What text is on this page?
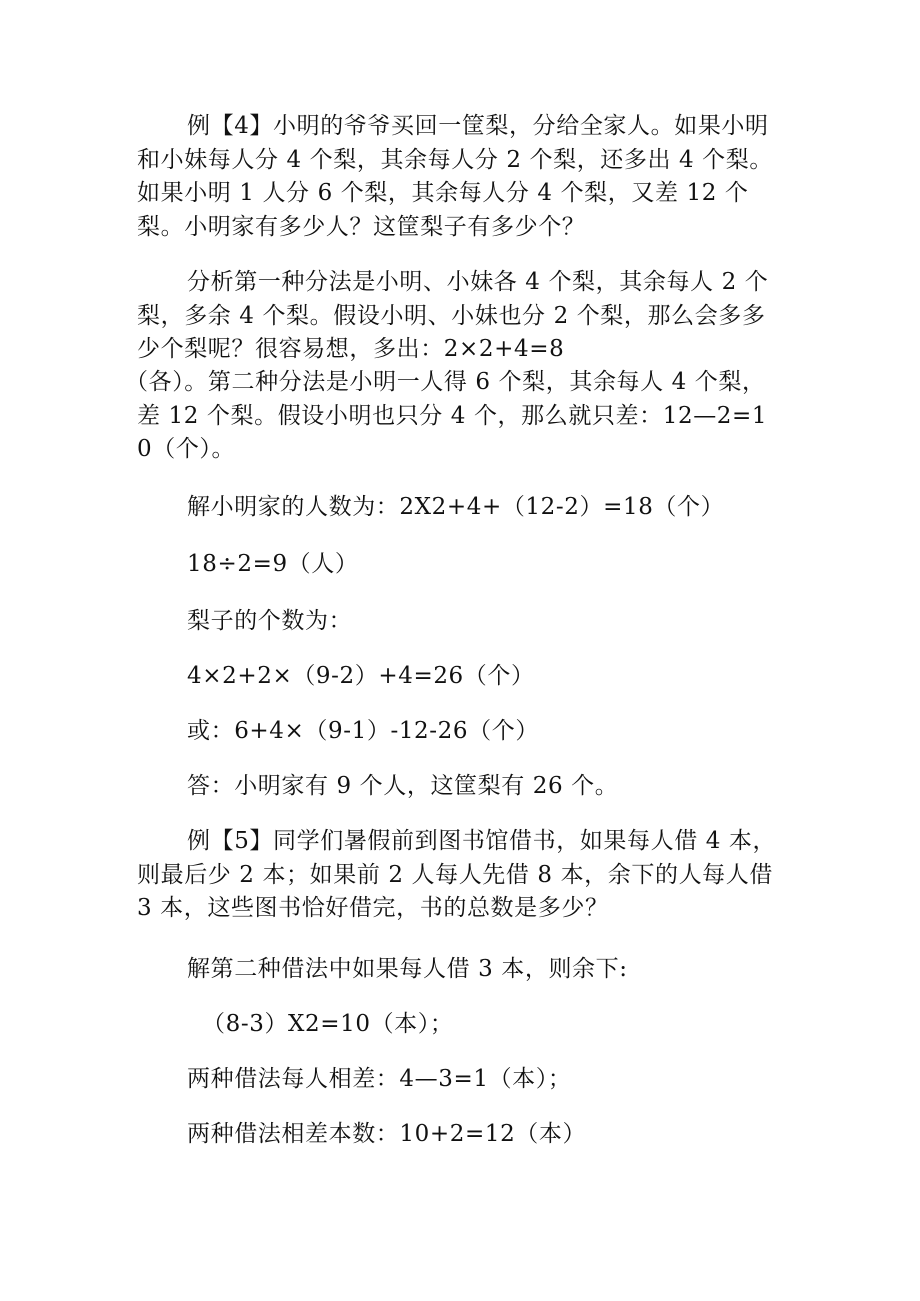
例【4】小明的爷爷买回一筐梨，分给全家人。如果小明和小妹每人分 4 个梨，其余每人分 2 个梨，还多出 4 个梨。如果小明 1 人分 6 个梨，其余每人分 4 个梨，又差 12 个梨。小明家有多少人？这筐梨子有多少个？

分析第一种分法是小明、小妹各 4 个梨，其余每人 2 个梨，多余 4 个梨。假设小明、小妹也分 2 个梨，那么会多多少个梨呢？很容易想，多出：2×2+4=8

（各）。第二种分法是小明一人得 6 个梨，其余每人 4 个梨，差 12 个梨。假设小明也只分 4 个，那么就只差：12—2=10（个）。

解小明家的人数为：2X2+4+（12-2）=18（个）

18÷2=9（人）

梨子的个数为：

4×2+2×（9-2）+4=26（个）

或：6+4×（9-1）-12-26（个）

答：小明家有 9 个人，这筐梨有 26 个。

例【5】同学们暑假前到图书馆借书，如果每人借 4 本，则最后少 2 本；如果前 2 人每人先借 8 本，余下的人每人借 3 本，这些图书恰好借完，书的总数是多少？

解第二种借法中如果每人借 3 本，则余下:

（8-3）X2=10（本）；

两种借法每人相差：4—3=1（本）；

两种借法相差本数：10+2=12（本）
